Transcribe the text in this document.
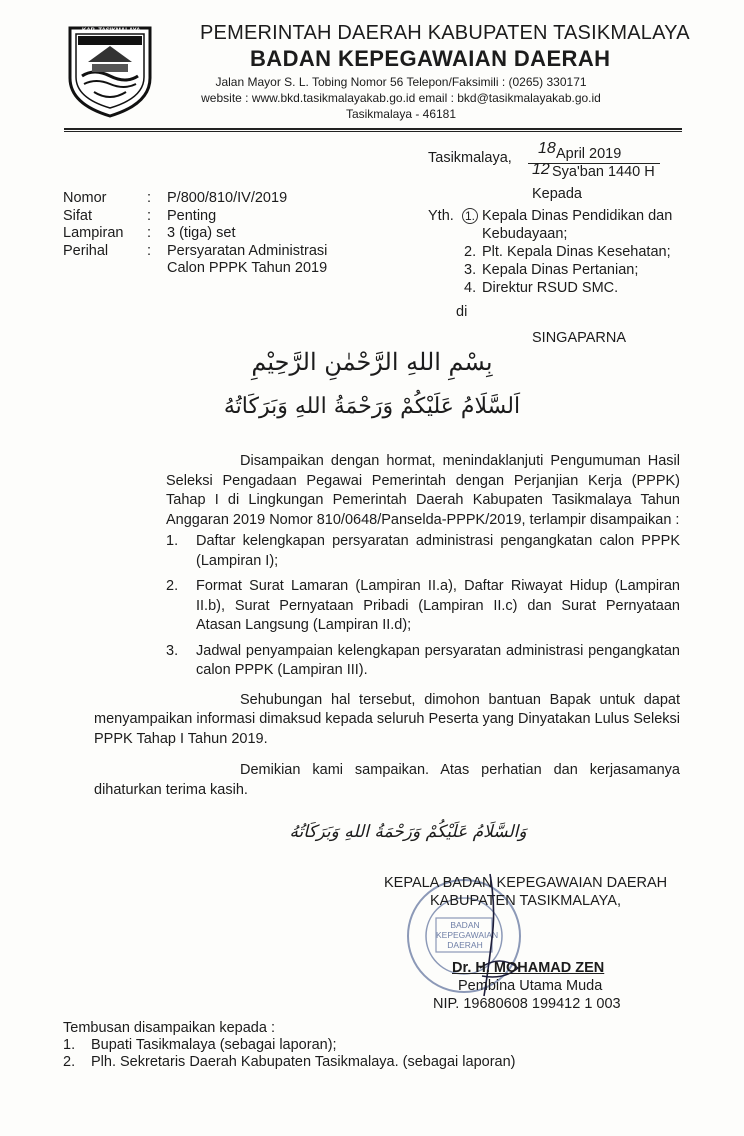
KAB. TASIKMALAYA	PEMERINTAH DAERAH KABUPATEN TASIKMALAYA
BADAN KEPEGAWAIAN DAERAH
Jalan Mayor S. L. Tobing Nomor 56 Telepon/Faksimili : (0265) 330171
website : www.bkd.tasikmalayakab.go.id email : bkd@tasikmalayakab.go.id
Tasikmalaya - 46181
Tasikmalaya,
18 April 2019
12 Sya'ban 1440 H
Nomor	: P/800/810/IV/2019
Sifat	: Penting
Lampiran : 3 (tiga) set
Perihal	: Persyaratan Administrasi
Calon PPPK Tahun 2019
Kepada
Yth. 1. Kepala Dinas Pendidikan dan
Kebudayaan;
2. Plt. Kepala Dinas Kesehatan;
3. Kepala Dinas Pertanian;
4. Direktur RSUD SMC.
di
SINGAPARNA
بِسْمِ اللهِ الرَّحْمٰنِ الرَّحِيْمِ
اَلسَّلَامُ عَلَيْكُمْ وَرَحْمَةُ اللهِ وَبَرَكَاتُهُ

Disampaikan dengan hormat, menindaklanjuti Pengumuman Hasil Seleksi Pengadaan Pegawai Pemerintah dengan Perjanjian Kerja (PPPK) Tahap I di Lingkungan Pemerintah Daerah Kabupaten Tasikmalaya Tahun Anggaran 2019 Nomor 810/0648/Panselda-PPPK/2019, terlampir disampaikan :

1. Daftar kelengkapan persyaratan administrasi pengangkatan calon PPPK (Lampiran I);
2. Format Surat Lamaran (Lampiran II.a), Daftar Riwayat Hidup (Lampiran II.b), Surat Pernyataan Pribadi (Lampiran II.c) dan Surat Pernyataan Atasan Langsung (Lampiran II.d);
3. Jadwal penyampaian kelengkapan persyaratan administrasi pengangkatan calon PPPK (Lampiran III).

Sehubungan hal tersebut, dimohon bantuan Bapak untuk dapat menyampaikan informasi dimaksud kepada seluruh Peserta yang Dinyatakan Lulus Seleksi PPPK Tahap I Tahun 2019.

Demikian kami sampaikan. Atas perhatian dan kerjasamanya dihaturkan terima kasih.

وَالسَّلَامُ عَلَيْكُمْ وَرَحْمَةُ اللهِ وَبَرَكَاتُهُ
BADAN KEPEGAWAIAN DAERAH
KEPALA BADAN KEPEGAWAIAN DAERAH
KABUPATEN TASIKMALAYA,
Dr. H. MOHAMAD ZEN
Pembina Utama Muda
NIP. 19680608 199412 1 003
Tembusan disampaikan kepada :
1. Bupati Tasikmalaya (sebagai laporan);
2. Plh. Sekretaris Daerah Kabupaten Tasikmalaya. (sebagai laporan)
